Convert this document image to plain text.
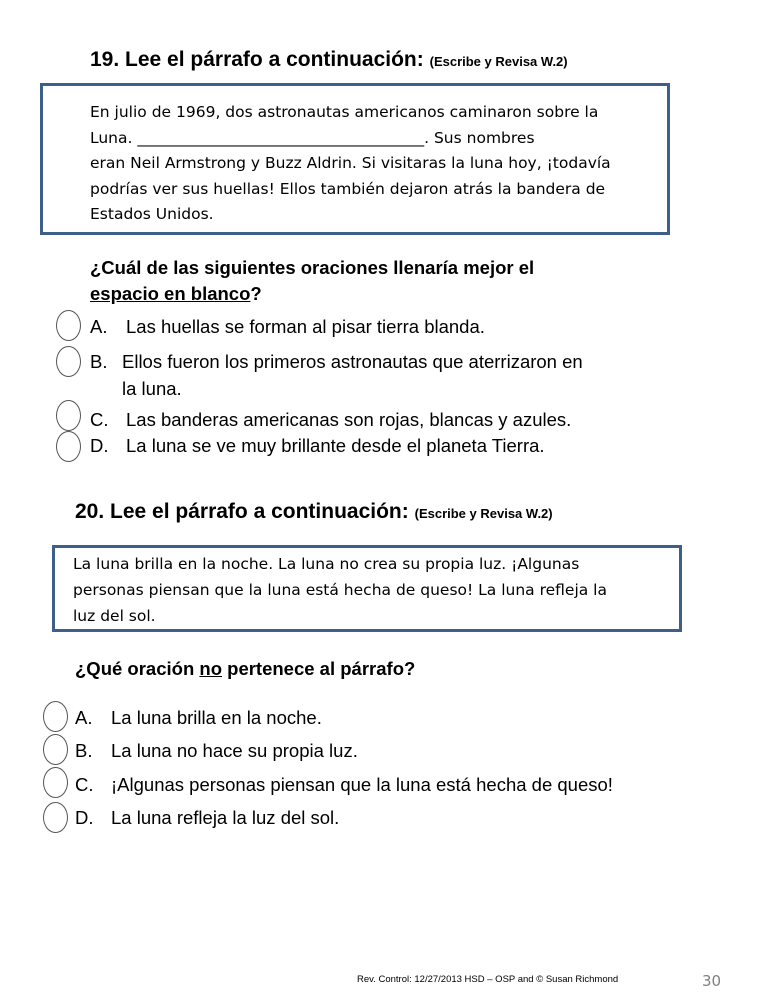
19. Lee el párrafo a continuación: (Escribe y Revisa W.2)
En julio de 1969, dos astronautas americanos caminaron sobre la
Luna. _____________________________________. Sus nombres
eran Neil Armstrong y Buzz Aldrin. Si visitaras la luna hoy, ¡todavía
podrías ver sus huellas! Ellos también dejaron atrás la bandera de
Estados Unidos.
¿Cuál de las siguientes oraciones llenaría mejor el
espacio en blanco?
A. Las huellas se forman al pisar tierra blanda.
B. Ellos fueron los primeros astronautas que aterrizaron en
la luna.
C. Las banderas americanas son rojas, blancas y azules.
D. La luna se ve muy brillante desde el planeta Tierra.
20. Lee el párrafo a continuación: (Escribe y Revisa W.2)
La luna brilla en la noche. La luna no crea su propia luz. ¡Algunas
personas piensan que la luna está hecha de queso! La luna refleja la
luz del sol.
¿Qué oración no pertenece al párrafo?
A. La luna brilla en la noche.
B. La luna no hace su propia luz.
C. ¡Algunas personas piensan que la luna está hecha de queso!
D. La luna refleja la luz del sol.
Rev. Control: 12/27/2013 HSD – OSP and © Susan Richmond	30
